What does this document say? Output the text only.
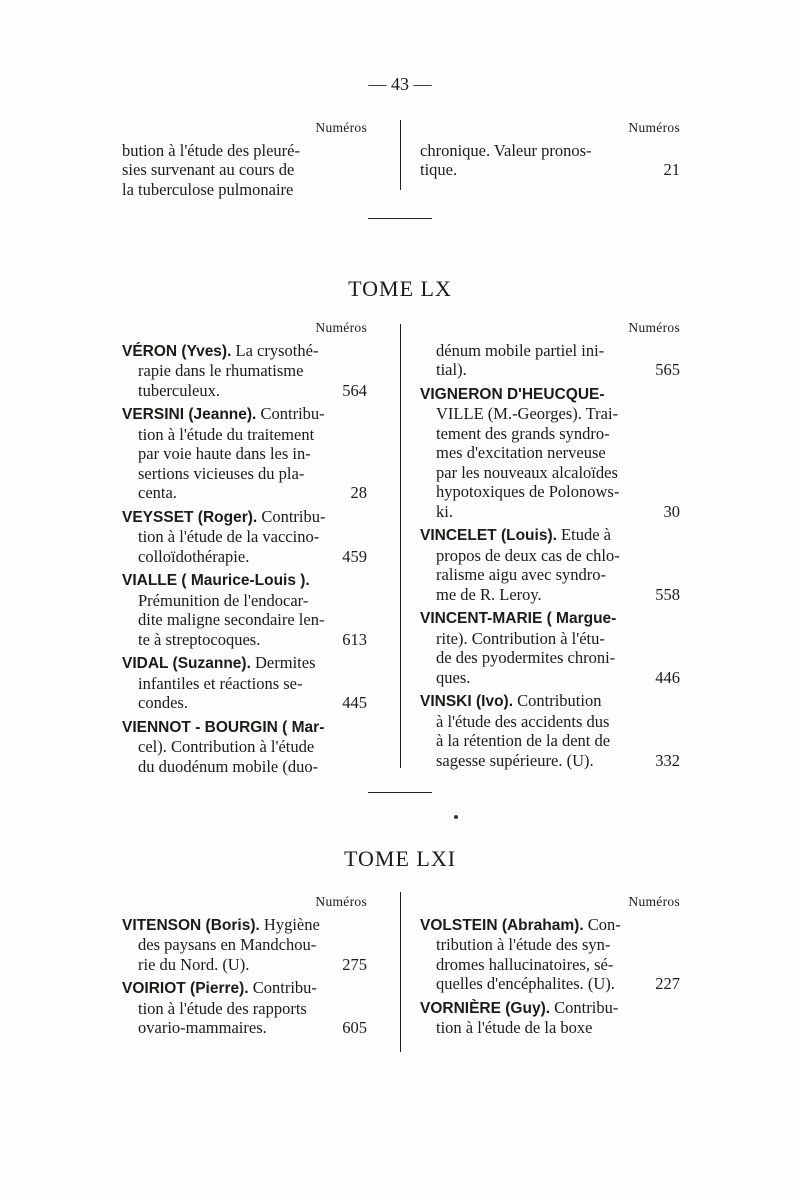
— 43 —
Numéros

bution à l'étude des pleuré-

sies survenant au cours de

la tuberculose pulmonaire

Numéros

chronique. Valeur pronos-

tique.	21

TOME LX
Numéros

VÉRON (Yves). La crysothé-

rapie dans le rhumatisme

tuberculeux.	564

VERSINI (Jeanne). Contribu-

tion à l'étude du traitement

par voie haute dans les in-

sertions vicieuses du pla-

centa.	28

VEYSSET (Roger). Contribu-

tion à l'étude de la vaccino-

colloïdothérapie.	459

VIALLE ( Maurice-Louis ).

Prémunition de l'endocar-

dite maligne secondaire len-

te à streptocoques.	613

VIDAL (Suzanne). Dermites

infantiles et réactions se-

condes.	445

VIENNOT - BOURGIN ( Mar-

cel). Contribution à l'étude

du duodénum mobile (duo-

Numéros

dénum mobile partiel ini-

tial).	565

VIGNERON D'HEUCQUE-

VILLE (M.-Georges). Trai-

tement des grands syndro-

mes d'excitation nerveuse

par les nouveaux alcaloïdes

hypotoxiques de Polonows-

ki.	30

VINCELET (Louis). Etude à

propos de deux cas de chlo-

ralisme aigu avec syndro-

me de R. Leroy.	558

VINCENT-MARIE ( Margue-

rite). Contribution à l'étu-

de des pyodermites chroni-

ques.	446

VINSKI (Ivo). Contribution

à l'étude des accidents dus

à la rétention de la dent de

sagesse supérieure. (U).	332

TOME LXI
Numéros

VITENSON (Boris). Hygiène

des paysans en Mandchou-

rie du Nord. (U).	275

VOIRIOT (Pierre). Contribu-

tion à l'étude des rapports

ovario-mammaires.	605

Numéros

VOLSTEIN (Abraham). Con-

tribution à l'étude des syn-

dromes hallucinatoires, sé-

quelles d'encéphalites. (U).	227

VORNIÈRE (Guy). Contribu-

tion à l'étude de la boxe
